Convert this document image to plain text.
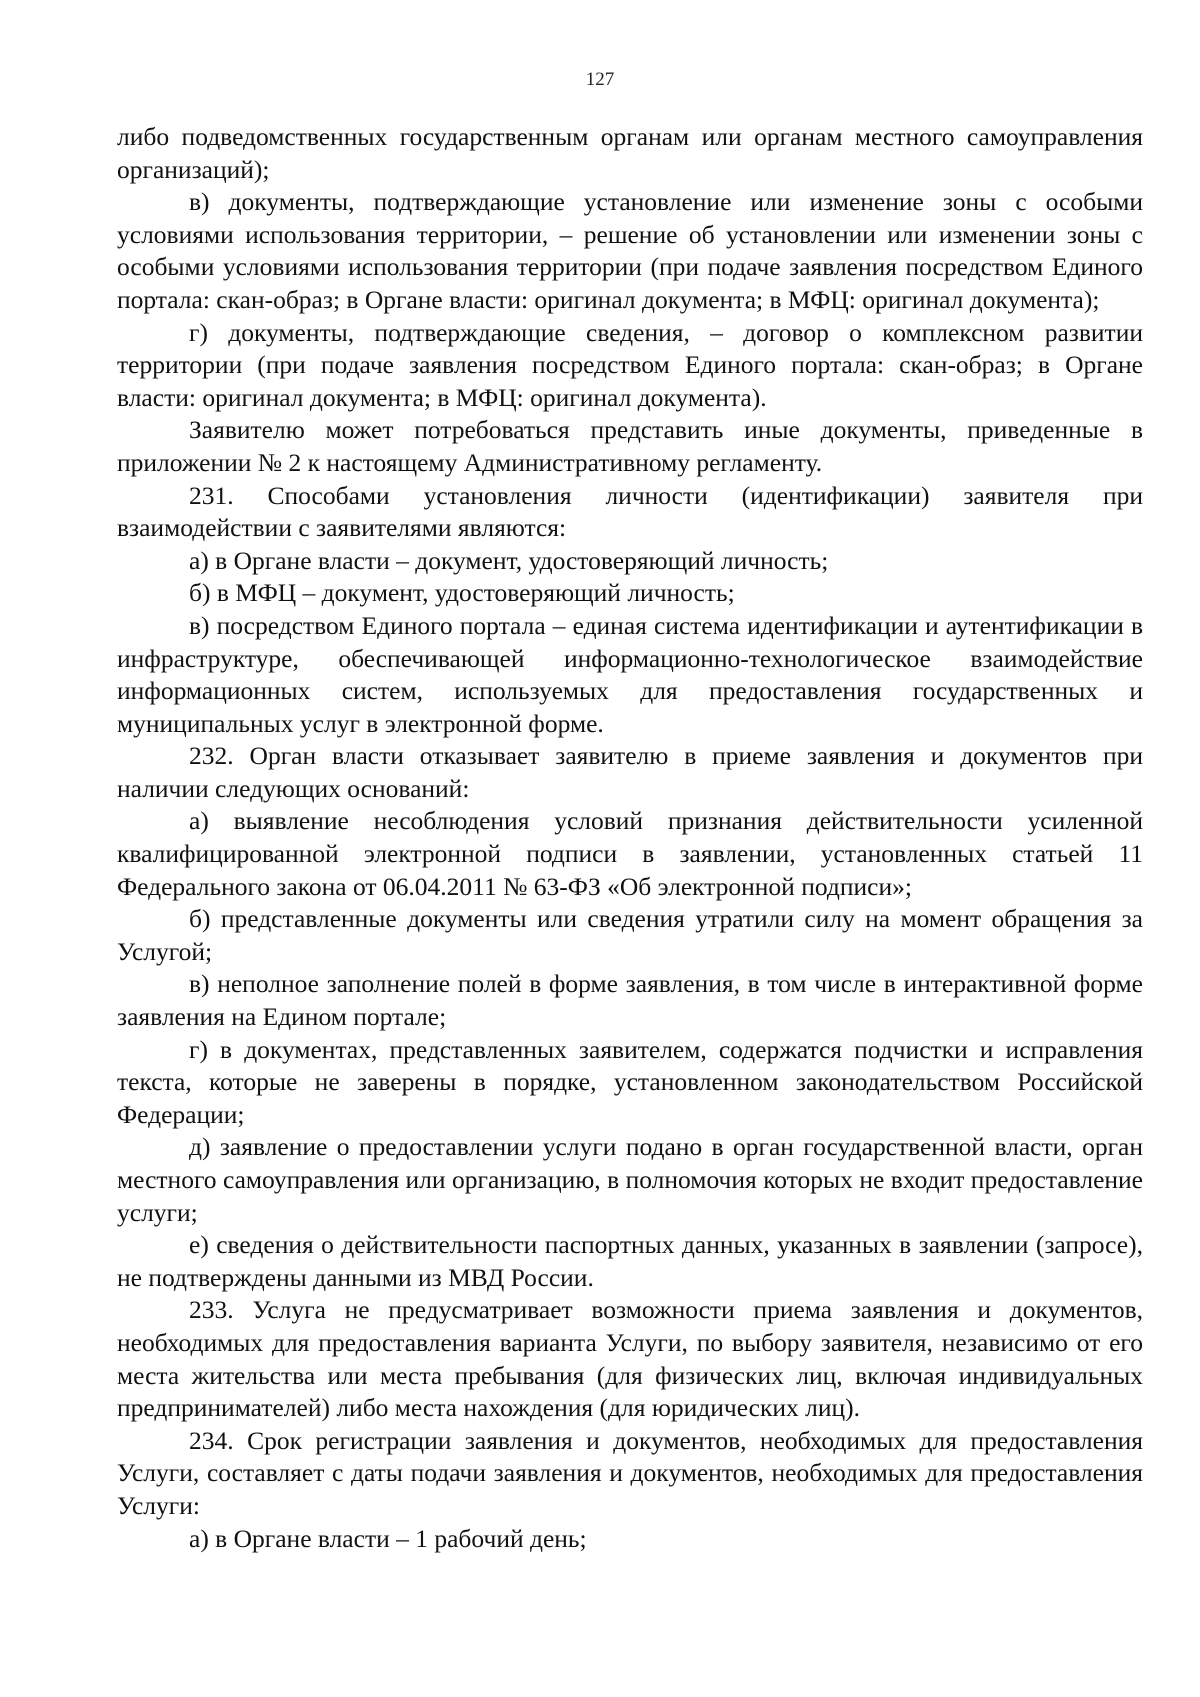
127

либо подведомственных государственным органам или органам местного самоуправления организаций);

в) документы, подтверждающие установление или изменение зоны с особыми условиями использования территории, – решение об установлении или изменении зоны с особыми условиями использования территории (при подаче заявления посредством Единого портала: скан-образ; в Органе власти: оригинал документа; в МФЦ: оригинал документа);

г) документы, подтверждающие сведения, – договор о комплексном развитии территории (при подаче заявления посредством Единого портала: скан-образ; в Органе власти: оригинал документа; в МФЦ: оригинал документа).

Заявителю может потребоваться представить иные документы, приведенные в приложении № 2 к настоящему Административному регламенту.

231. Способами установления личности (идентификации) заявителя при взаимодействии с заявителями являются:

а) в Органе власти – документ, удостоверяющий личность;

б) в МФЦ – документ, удостоверяющий личность;

в) посредством Единого портала – единая система идентификации и аутентификации в инфраструктуре, обеспечивающей информационно-технологическое взаимодействие информационных систем, используемых для предоставления государственных и муниципальных услуг в электронной форме.

232. Орган власти отказывает заявителю в приеме заявления и документов при наличии следующих оснований:

а) выявление несоблюдения условий признания действительности усиленной квалифицированной электронной подписи в заявлении, установленных статьей 11 Федерального закона от 06.04.2011 № 63-ФЗ «Об электронной подписи»;

б) представленные документы или сведения утратили силу на момент обращения за Услугой;

в) неполное заполнение полей в форме заявления, в том числе в интерактивной форме заявления на Едином портале;

г) в документах, представленных заявителем, содержатся подчистки и исправления текста, которые не заверены в порядке, установленном законодательством Российской Федерации;

д) заявление о предоставлении услуги подано в орган государственной власти, орган местного самоуправления или организацию, в полномочия которых не входит предоставление услуги;

е) сведения о действительности паспортных данных, указанных в заявлении (запросе), не подтверждены данными из МВД России.

233. Услуга не предусматривает возможности приема заявления и документов, необходимых для предоставления варианта Услуги, по выбору заявителя, независимо от его места жительства или места пребывания (для физических лиц, включая индивидуальных предпринимателей) либо места нахождения (для юридических лиц).

234. Срок регистрации заявления и документов, необходимых для предоставления Услуги, составляет с даты подачи заявления и документов, необходимых для предоставления Услуги:

а) в Органе власти – 1 рабочий день;
